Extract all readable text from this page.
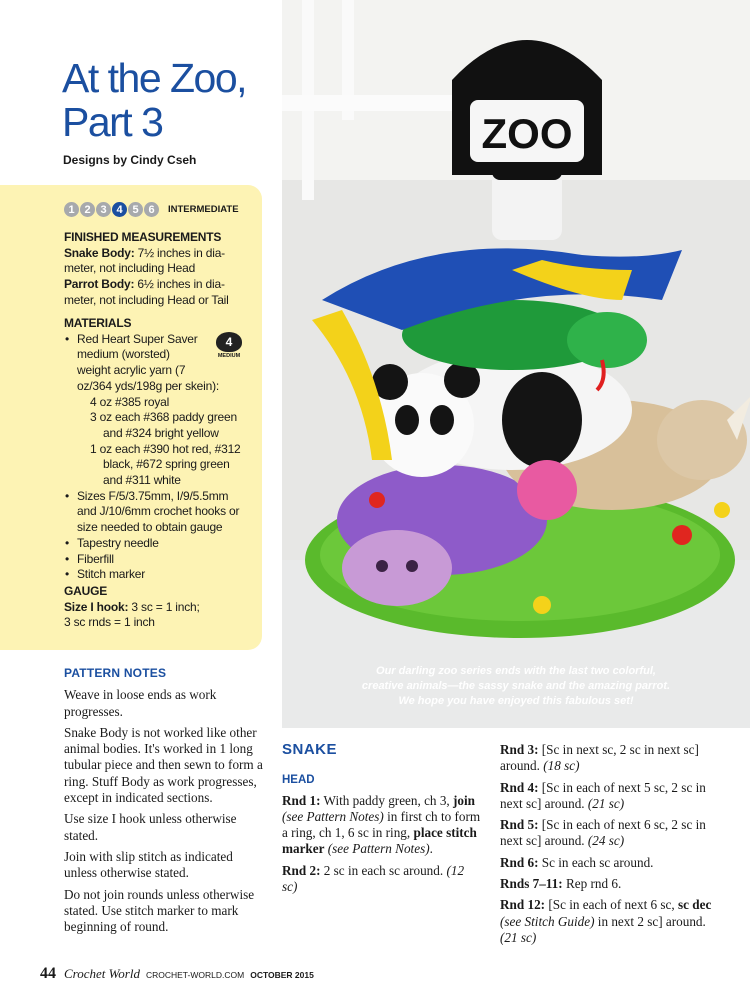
At the Zoo,
Part 3
Designs by Cindy Cseh
1 2 3 4 5 6	INTERMEDIATE
FINISHED MEASUREMENTS
Snake Body: 7½ inches in dia-
meter, not including Head
Parrot Body: 6½ inches in dia-
meter, not including Head or Tail
4
MEDIUM
MATERIALS
• Red Heart Super Saver
medium (worsted)
weight acrylic yarn (7
oz/364 yds/198g per skein):
4 oz #385 royal
3 oz each #368 paddy green
and #324 bright yellow
1 oz each #390 hot red, #312
black, #672 spring green
and #311 white
• Sizes F/5/3.75mm, I/9/5.5mm
and J/10/6mm crochet hooks or
size needed to obtain gauge
• Tapestry needle
• Fiberfill
• Stitch marker
GAUGE
Size I hook: 3 sc = 1 inch;
3 sc rnds = 1 inch
PATTERN NOTES

Weave in loose ends as work progresses.

Snake Body is not worked like other animal bodies. It's worked in 1 long tubular piece and then sewn to form a ring. Stuff Body as work progresses, except in indicated sections.

Use size I hook unless otherwise stated.

Join with slip stitch as indicated unless otherwise stated.

Do not join rounds unless otherwise stated. Use stitch marker to mark beginning of round.

ZOO
Our darling zoo series ends with the last two colorful,
creative animals—the sassy snake and the amazing parrot.
We hope you have enjoyed this fabulous set!
SNAKE
HEAD

Rnd 1: With paddy green, ch 3, join (see Pattern Notes) in first ch to form a ring, ch 1, 6 sc in ring, place stitch marker (see Pattern Notes).

Rnd 2: 2 sc in each sc around. (12 sc)

Rnd 3: [Sc in next sc, 2 sc in next sc] around. (18 sc)

Rnd 4: [Sc in each of next 5 sc, 2 sc in next sc] around. (21 sc)

Rnd 5: [Sc in each of next 6 sc, 2 sc in next sc] around. (24 sc)

Rnd 6: Sc in each sc around.

Rnds 7–11: Rep rnd 6.

Rnd 12: [Sc in each of next 6 sc, sc dec (see Stitch Guide) in next 2 sc] around. (21 sc)

44 Crochet World CROCHET-WORLD.COM OCTOBER 2015
